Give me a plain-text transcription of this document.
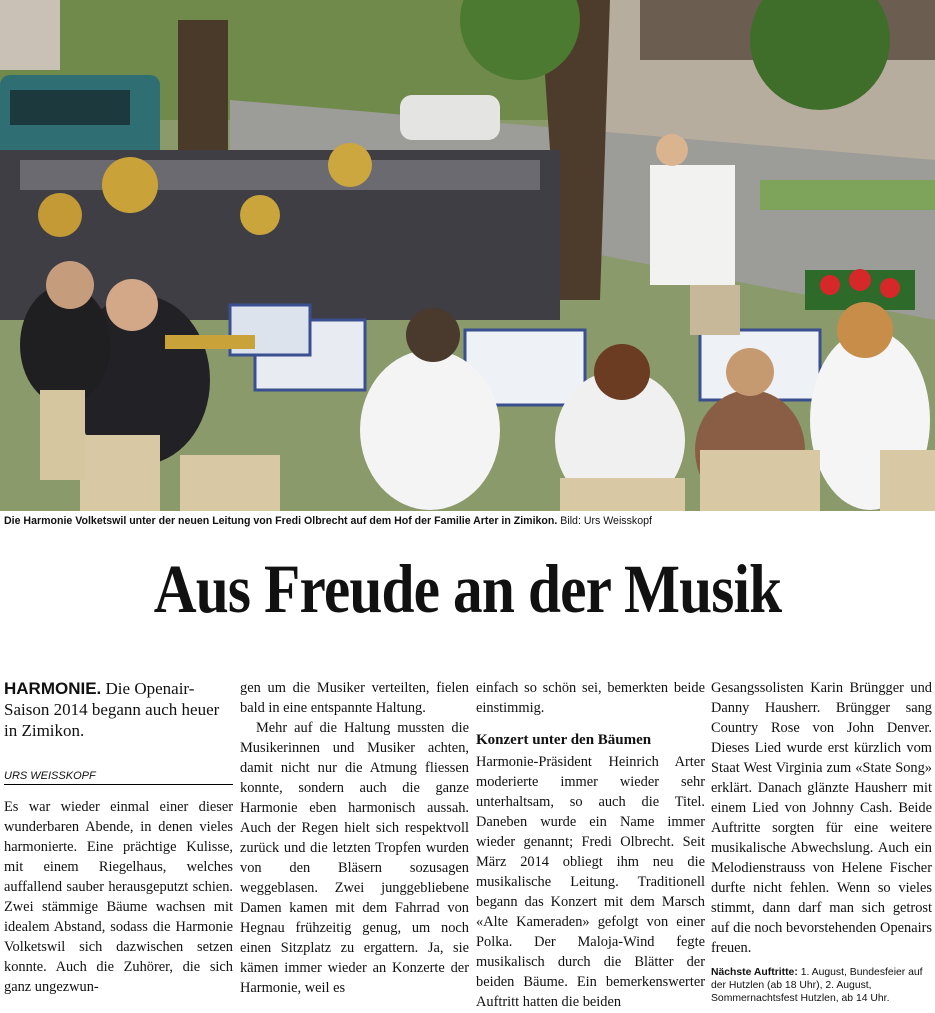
Die Harmonie Volketswil unter der neuen Leitung von Fredi Olbrecht auf dem Hof der Familie Arter in Zimikon. Bild: Urs Weisskopf
Aus Freude an der Musik
HARMONIE. Die Openair-Saison 2014 begann auch heuer in Zimikon.
URS WEISSKOPF

Es war wieder einmal einer dieser wunderbaren Abende, in denen vieles harmonierte. Eine prächtige Kulisse, mit einem Riegelhaus, welches auffallend sauber herausgeputzt schien. Zwei stämmige Bäume wachsen mit idealem Abstand, sodass die Harmonie Volketswil sich dazwischen setzen konnte. Auch die Zuhörer, die sich ganz ungezwun-

gen um die Musiker verteilten, fielen bald in eine entspannte Haltung.

Mehr auf die Haltung mussten die Musikerinnen und Musiker achten, damit nicht nur die Atmung fliessen konnte, sondern auch die ganze Harmonie eben harmonisch aussah. Auch der Regen hielt sich respektvoll zurück und die letzten Tropfen wurden von den Bläsern sozusagen weggeblasen. Zwei junggebliebene Damen kamen mit dem Fahrrad von Hegnau frühzeitig genug, um noch einen Sitzplatz zu ergattern. Ja, sie kämen immer wieder an Konzerte der Harmonie, weil es

einfach so schön sei, bemerkten beide einstimmig.

Konzert unter den Bäumen

Harmonie-Präsident Heinrich Arter moderierte immer wieder sehr unterhaltsam, so auch die Titel. Daneben wurde ein Name immer wieder genannt; Fredi Olbrecht. Seit März 2014 obliegt ihm neu die musikalische Leitung. Traditionell begann das Konzert mit dem Marsch «Alte Kameraden» gefolgt von einer Polka. Der Maloja-Wind fegte musikalisch durch die Blätter der beiden Bäume. Ein bemerkenswerter Auftritt hatten die beiden

Gesangssolisten Karin Brüngger und Danny Hausherr. Brüngger sang Country Rose von John Denver. Dieses Lied wurde erst kürzlich vom Staat West Virginia zum «State Song» erklärt. Danach glänzte Hausherr mit einem Lied von Johnny Cash. Beide Auftritte sorgten für eine weitere musikalische Abwechslung. Auch ein Melodienstrauss von Helene Fischer durfte nicht fehlen. Wenn so vieles stimmt, dann darf man sich getrost auf die noch bevorstehenden Openairs freuen.

Nächste Auftritte: 1. August, Bundesfeier auf der Hutzlen (ab 18 Uhr), 2. August, Sommernachtsfest Hutzlen, ab 14 Uhr.
